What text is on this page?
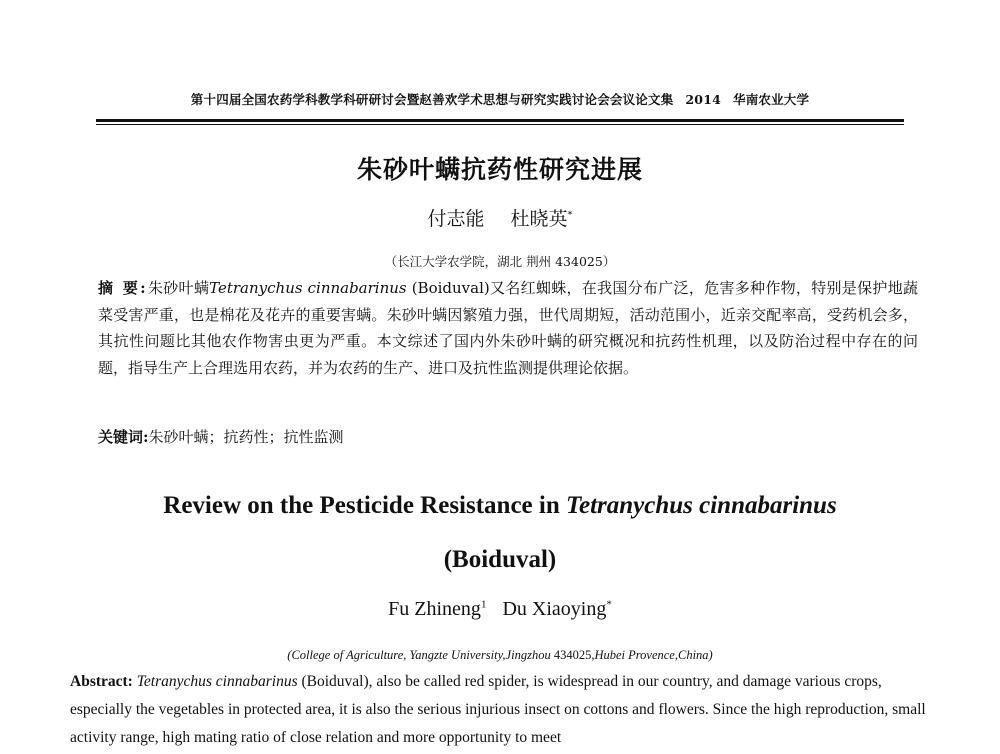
第十四届全国农药学科教学科研研讨会暨赵善欢学术思想与研究实践讨论会会议论文集 2014 华南农业大学
朱砂叶螨抗药性研究进展
付志能 杜晓英*
（长江大学农学院，湖北 荆州 434025）
摘 要:朱砂叶螨Tetranychus cinnabarinus (Boiduval)又名红蜘蛛，在我国分布广泛，危害多种作物，特别是保护地蔬菜受害严重，也是棉花及花卉的重要害螨。朱砂叶螨因繁殖力强，世代周期短，活动范围小，近亲交配率高，受药机会多，其抗性问题比其他农作物害虫更为严重。本文综述了国内外朱砂叶螨的研究概况和抗药性机理，以及防治过程中存在的问题，指导生产上合理选用农药，并为农药的生产、进口及抗性监测提供理论依据。
关键词:朱砂叶螨；抗药性；抗性监测
Review on the Pesticide Resistance in Tetranychus cinnabarinus
(Boiduval)
Fu Zhineng$^1$ Du Xiaoying*
(College of Agriculture, Yangzte University,Jingzhou 434025,Hubei Provence,China)
Abstract: Tetranychus cinnabarinus (Boiduval), also be called red spider, is widespread in our country, and damage various crops, especially the vegetables in protected area, it is also the serious injurious insect on cottons and flowers. Since the high reproduction, small activity range, high mating ratio of close relation and more opportunity to meet
